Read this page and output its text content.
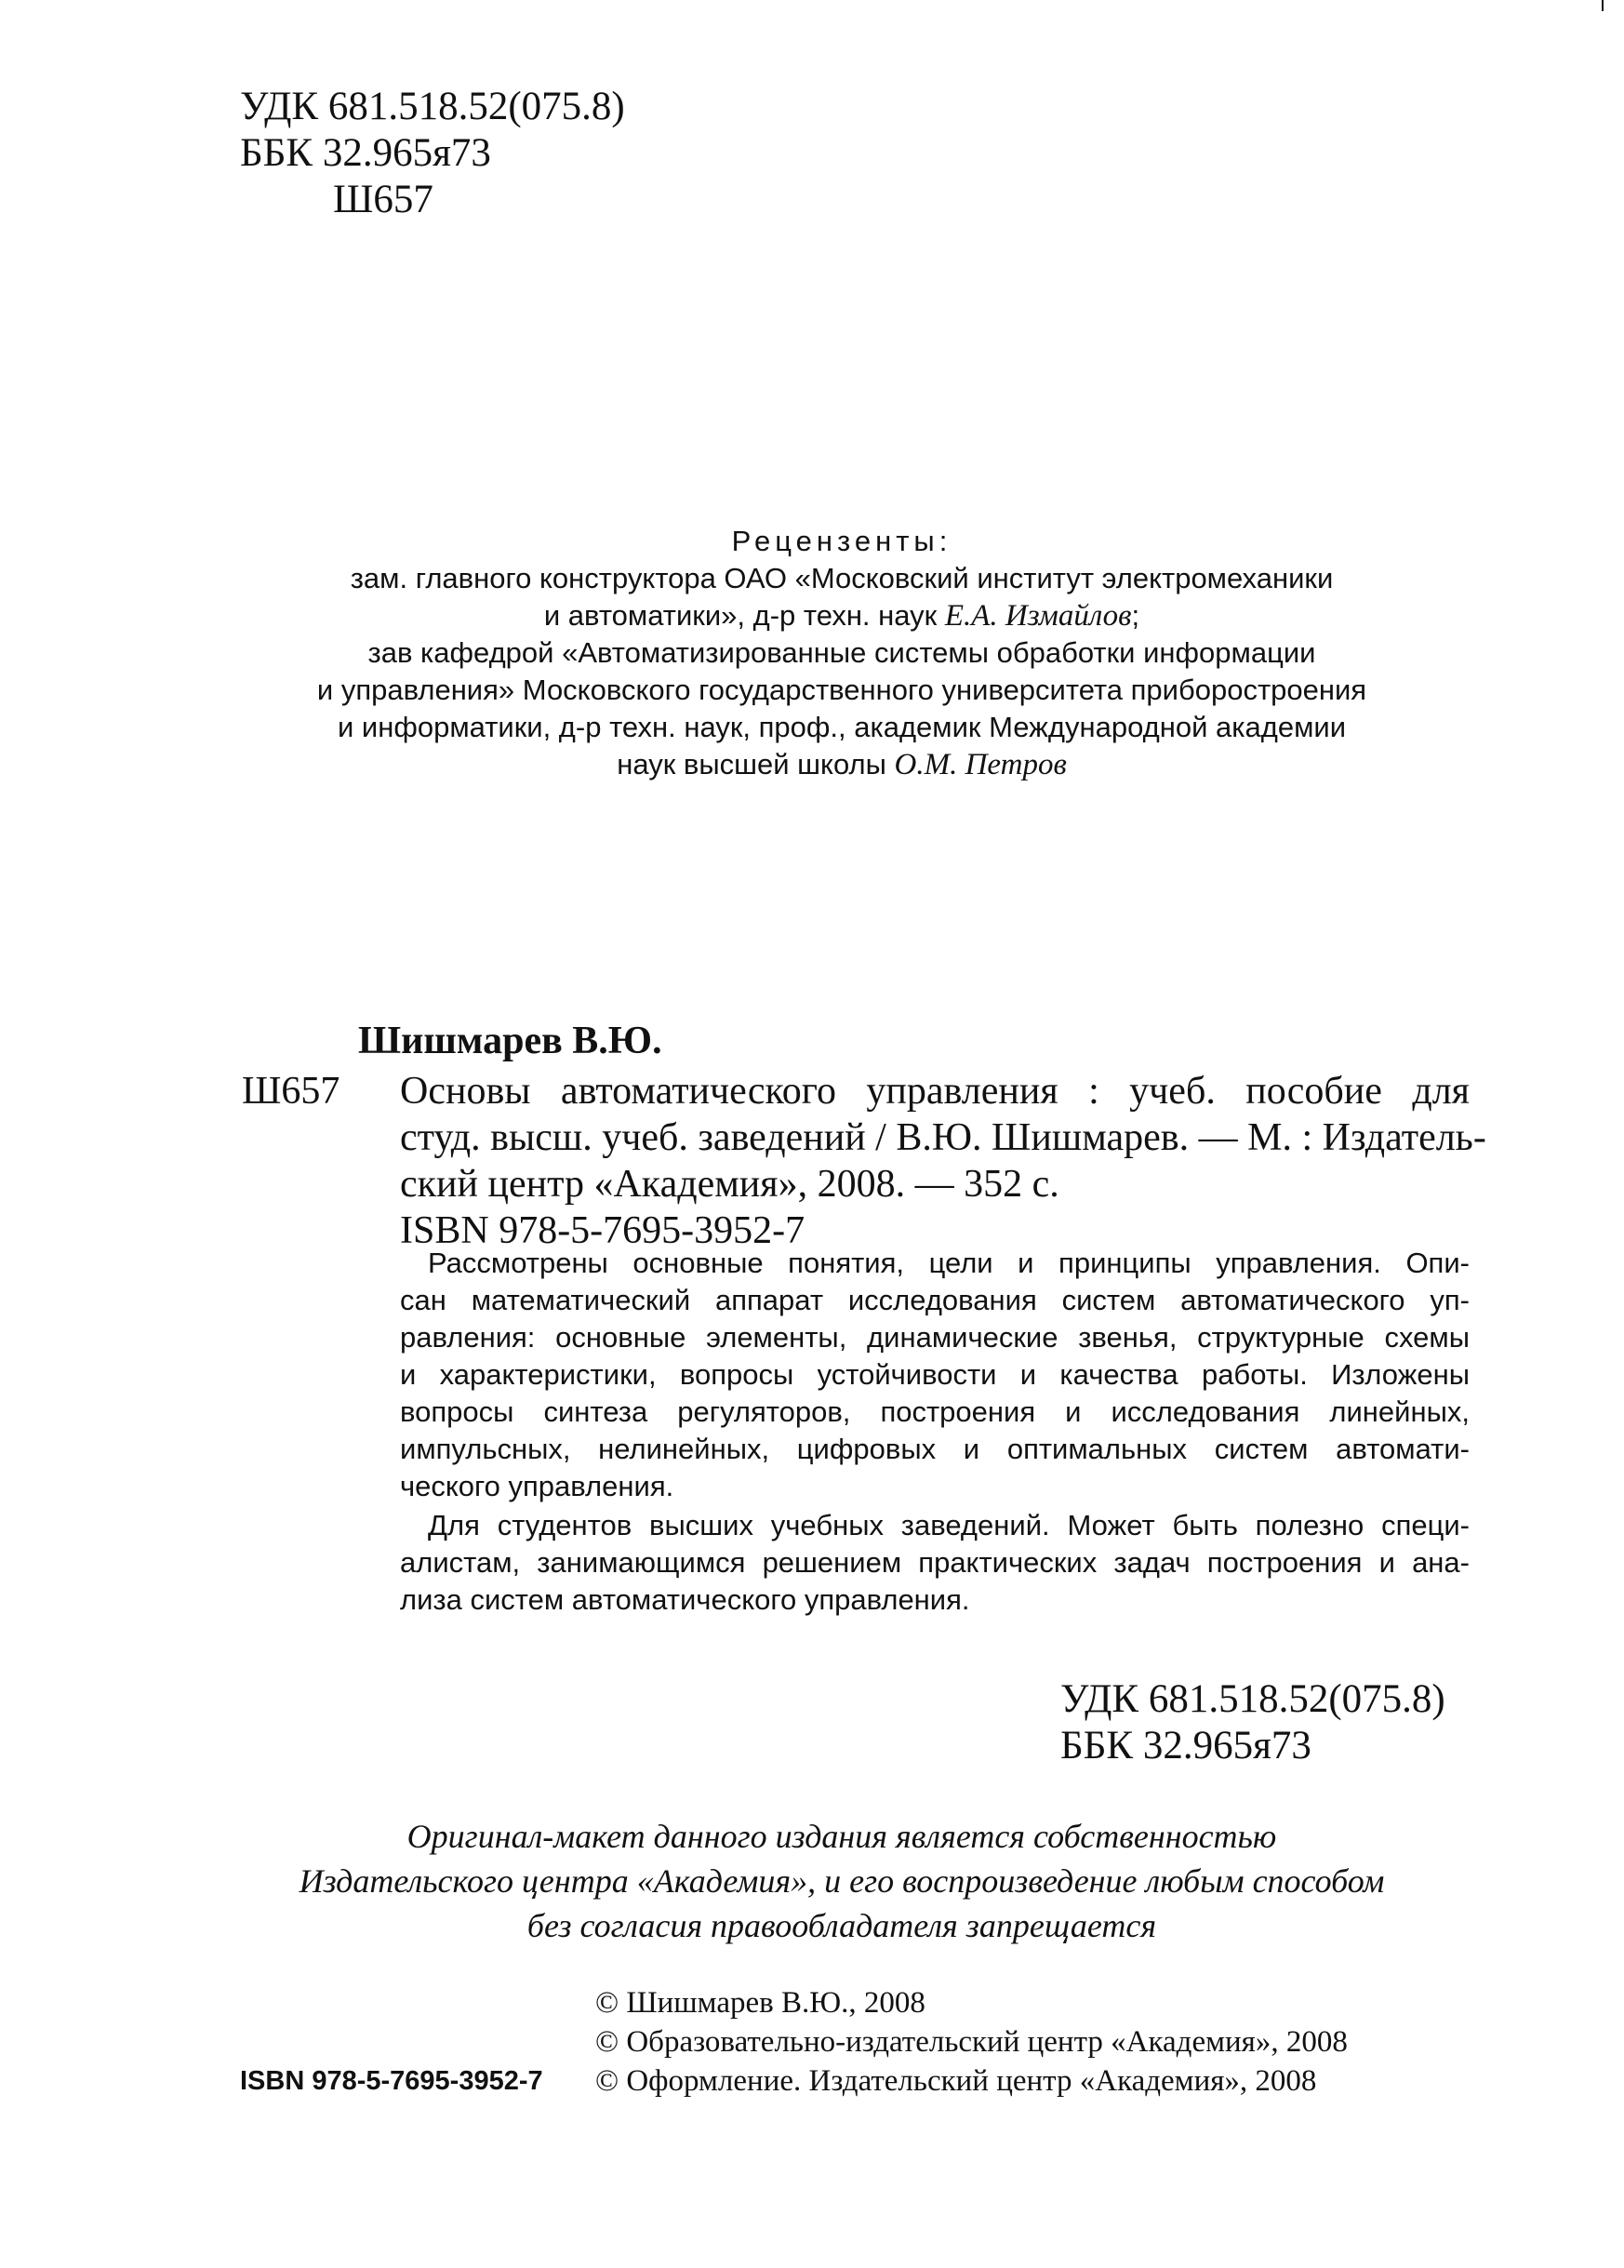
УДК 681.518.52(075.8)
ББК 32.965я73
Ш657
Рецензенты:
зам. главного конструктора ОАО «Московский институт электромеханики
и автоматики», д-р техн. наук Е.А. Измайлов;
зав кафедрой «Автоматизированные системы обработки информации
и управления» Московского государственного университета приборостроения
и информатики, д-р техн. наук, проф., академик Международной академии
наук высшей школы О.М. Петров
Шишмарев В.Ю.
Ш657	Основы автоматического управления : учеб. пособие для
студ. высш. учеб. заведений / В.Ю. Шишмарев. — М. : Издатель-
ский центр «Академия», 2008. — 352 с.
ISBN 978-5-7695-3952-7
Рассмотрены основные понятия, цели и принципы управления. Опи-
сан математический аппарат исследования систем автоматического уп-
равления: основные элементы, динамические звенья, структурные схемы
и характеристики, вопросы устойчивости и качества работы. Изложены
вопросы синтеза регуляторов, построения и исследования линейных,
импульсных, нелинейных, цифровых и оптимальных систем автомати-
ческого управления.
Для студентов высших учебных заведений. Может быть полезно специ-
алистам, занимающимся решением практических задач построения и ана-
лиза систем автоматического управления.
УДК 681.518.52(075.8)
ББК 32.965я73
Оригинал-макет данного издания является собственностью
Издательского центра «Академия», и его воспроизведение любым способом
без согласия правообладателя запрещается
© Шишмарев В.Ю., 2008
© Образовательно-издательский центр «Академия», 2008
© Оформление. Издательский центр «Академия», 2008
ISBN 978-5-7695-3952-7
